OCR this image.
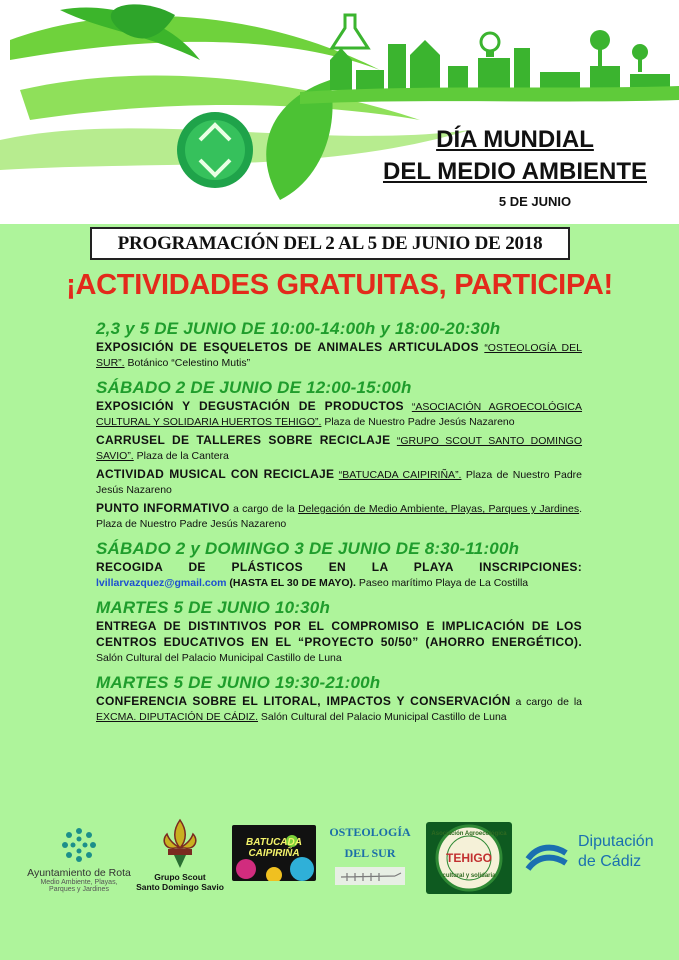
DÍA MUNDIAL
DEL MEDIO AMBIENTE
5 DE JUNIO
PROGRAMACIÓN DEL 2 AL 5 DE JUNIO DE 2018
¡ACTIVIDADES GRATUITAS, PARTICIPA!
2,3 y 5 DE JUNIO DE 10:00-14:00h y 18:00-20:30h
EXPOSICIÓN DE ESQUELETOS DE ANIMALES ARTICULADOS “OSTEOLOGÍA DEL SUR”. Botánico “Celestino Mutis”
SÁBADO 2 DE JUNIO DE 12:00-15:00h
EXPOSICIÓN Y DEGUSTACIÓN DE PRODUCTOS “ASOCIACIÓN AGROECOLÓGICA CULTURAL Y SOLIDARIA HUERTOS TEHIGO”. Plaza de Nuestro Padre Jesús Nazareno
CARRUSEL DE TALLERES SOBRE RECICLAJE “GRUPO SCOUT SANTO DOMINGO SAVIO”. Plaza de la Cantera
ACTIVIDAD MUSICAL CON RECICLAJE “BATUCADA CAIPIRIÑA”. Plaza de Nuestro Padre Jesús Nazareno
PUNTO INFORMATIVO a cargo de la Delegación de Medio Ambiente, Playas, Parques y Jardines. Plaza de Nuestro Padre Jesús Nazareno
SÁBADO 2 y DOMINGO 3 DE JUNIO DE 8:30-11:00h
RECOGIDA DE PLÁSTICOS EN LA PLAYA INSCRIPCIONES: lvillarvazquez@gmail.com (HASTA EL 30 DE MAYO). Paseo marítimo Playa de La Costilla
MARTES 5 DE JUNIO 10:30h
ENTREGA DE DISTINTIVOS POR EL COMPROMISO E IMPLICACIÓN DE LOS CENTROS EDUCATIVOS EN EL “PROYECTO 50/50” (AHORRO ENERGÉTICO). Salón Cultural del Palacio Municipal Castillo de Luna
MARTES 5 DE JUNIO 19:30-21:00h
CONFERENCIA SOBRE EL LITORAL, IMPACTOS Y CONSERVACIÓN a cargo de la EXCMA. DIPUTACIÓN DE CÁDIZ. Salón Cultural del Palacio Municipal Castillo de Luna
Ayuntamiento de Rota
Medio Ambiente, Playas,
Parques y Jardines
Grupo Scout
Santo Domingo Savio
BATUCADA CAIPIRIÑA
OSTEOLOGÍA
DEL SUR
Asociación Agroecológica
TEHIGO
cultural y solidaria
Diputación
de Cádiz
